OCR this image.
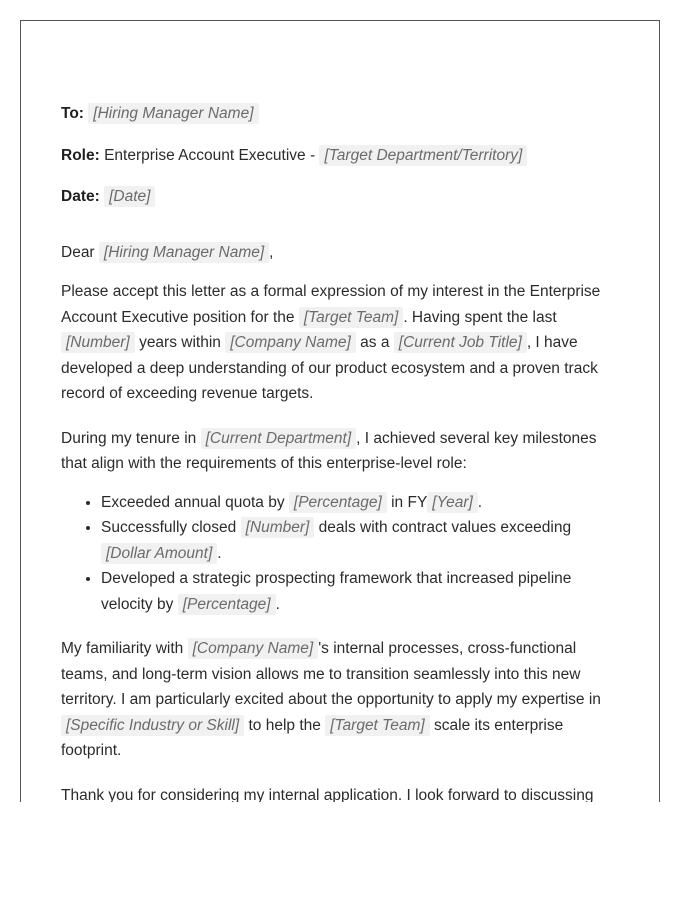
To: [Hiring Manager Name]
Role: Enterprise Account Executive - [Target Department/Territory]
Date: [Date]
Dear [Hiring Manager Name] ,

Please accept this letter as a formal expression of my interest in the Enterprise Account Executive position for the [Target Team] . Having spent the last [Number] years within [Company Name] as a [Current Job Title] , I have developed a deep understanding of our product ecosystem and a proven track record of exceeding revenue targets.

During my tenure in [Current Department] , I achieved several key milestones that align with the requirements of this enterprise-level role:

• Exceeded annual quota by [Percentage] in FY [Year] .
• Successfully closed [Number] deals with contract values exceeding [Dollar Amount] .
• Developed a strategic prospecting framework that increased pipeline velocity by [Percentage] .

My familiarity with [Company Name] 's internal processes, cross-functional teams, and long-term vision allows me to transition seamlessly into this new territory. I am particularly excited about the opportunity to apply my expertise in [Specific Industry or Skill] to help the [Target Team] scale its enterprise footprint.

Thank you for considering my internal application. I look forward to discussing
